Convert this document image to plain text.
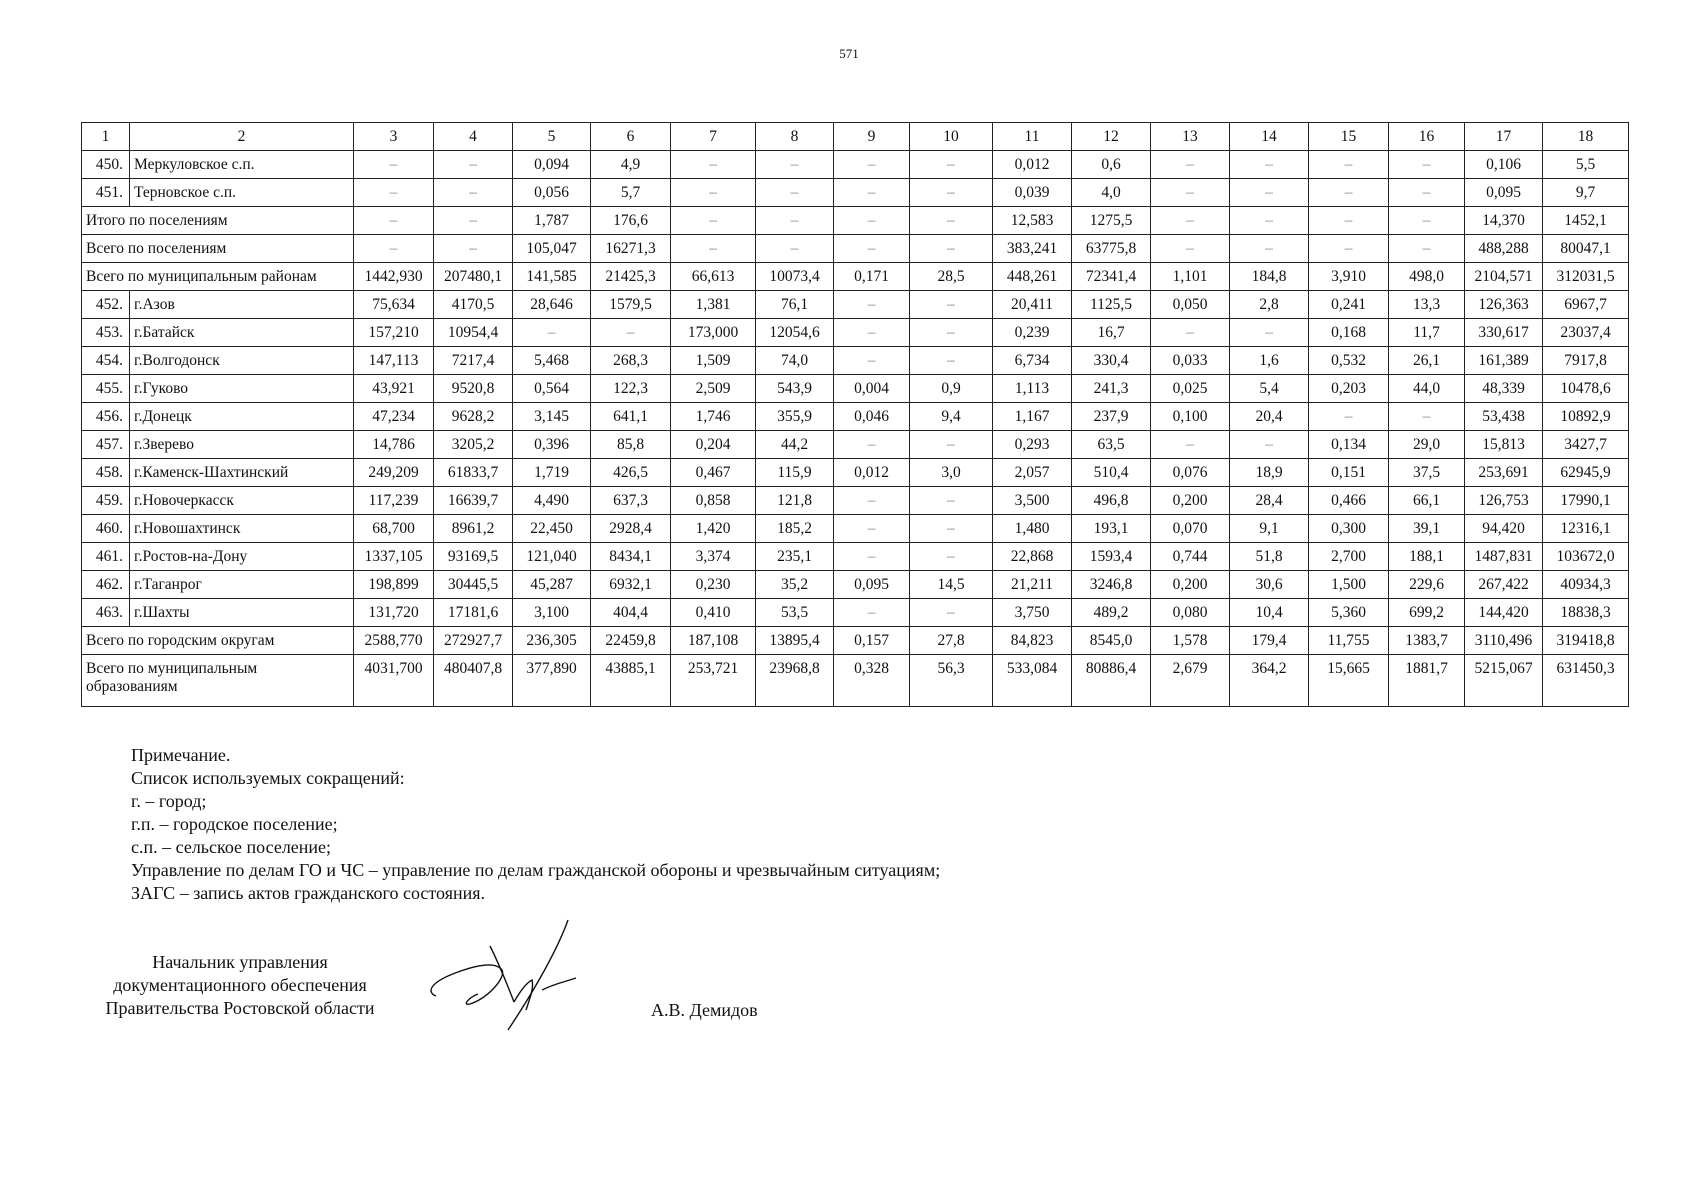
571
1	2	3	4	5	6	7	8	9	10	11	12	13	14	15	16	17	18
450.	Меркуловское с.п.	–	–	0,094	4,9	–	–	–	–	0,012	0,6	–	–	–	–	0,106	5,5
451.	Терновское с.п.	–	–	0,056	5,7	–	–	–	–	0,039	4,0	–	–	–	–	0,095	9,7
Итого по поселениям		–	–	1,787	176,6	–	–	–	–	12,583	1275,5	–	–	–	–	14,370	1452,1
Всего по поселениям		–	–	105,047	16271,3	–	–	–	–	383,241	63775,8	–	–	–	–	488,288	80047,1
Всего по муниципальным районам		1442,930	207480,1	141,585	21425,3	66,613	10073,4	0,171	28,5	448,261	72341,4	1,101	184,8	3,910	498,0	2104,571	312031,5
452.	г.Азов	75,634	4170,5	28,646	1579,5	1,381	76,1	–	–	20,411	1125,5	0,050	2,8	0,241	13,3	126,363	6967,7
453.	г.Батайск	157,210	10954,4	–	–	173,000	12054,6	–	–	0,239	16,7	–	–	0,168	11,7	330,617	23037,4
454.	г.Волгодонск	147,113	7217,4	5,468	268,3	1,509	74,0	–	–	6,734	330,4	0,033	1,6	0,532	26,1	161,389	7917,8
455.	г.Гуково	43,921	9520,8	0,564	122,3	2,509	543,9	0,004	0,9	1,113	241,3	0,025	5,4	0,203	44,0	48,339	10478,6
456.	г.Донецк	47,234	9628,2	3,145	641,1	1,746	355,9	0,046	9,4	1,167	237,9	0,100	20,4	–	–	53,438	10892,9
457.	г.Зверево	14,786	3205,2	0,396	85,8	0,204	44,2	–	–	0,293	63,5	–	–	0,134	29,0	15,813	3427,7
458.	г.Каменск-Шахтинский	249,209	61833,7	1,719	426,5	0,467	115,9	0,012	3,0	2,057	510,4	0,076	18,9	0,151	37,5	253,691	62945,9
459.	г.Новочеркасск	117,239	16639,7	4,490	637,3	0,858	121,8	–	–	3,500	496,8	0,200	28,4	0,466	66,1	126,753	17990,1
460.	г.Новошахтинск	68,700	8961,2	22,450	2928,4	1,420	185,2	–	–	1,480	193,1	0,070	9,1	0,300	39,1	94,420	12316,1
461.	г.Ростов-на-Дону	1337,105	93169,5	121,040	8434,1	3,374	235,1	–	–	22,868	1593,4	0,744	51,8	2,700	188,1	1487,831	103672,0
462.	г.Таганрог	198,899	30445,5	45,287	6932,1	0,230	35,2	0,095	14,5	21,211	3246,8	0,200	30,6	1,500	229,6	267,422	40934,3
463.	г.Шахты	131,720	17181,6	3,100	404,4	0,410	53,5	–	–	3,750	489,2	0,080	10,4	5,360	699,2	144,420	18838,3
Всего по городским округам		2588,770	272927,7	236,305	22459,8	187,108	13895,4	0,157	27,8	84,823	8545,0	1,578	179,4	11,755	1383,7	3110,496	319418,8
Всего по муниципальным образованиям		4031,700	480407,8	377,890	43885,1	253,721	23968,8	0,328	56,3	533,084	80886,4	2,679	364,2	15,665	1881,7	5215,067	631450,3
Примечание.
Список используемых сокращений:
г. – город;
г.п. – городское поселение;
с.п. – сельское поселение;
Управление по делам ГО и ЧС – управление по делам гражданской обороны и чрезвычайным ситуациям;
ЗАГС – запись актов гражданского состояния.
Начальник управления
документационного обеспечения
Правительства Ростовской области	А.В. Демидов
